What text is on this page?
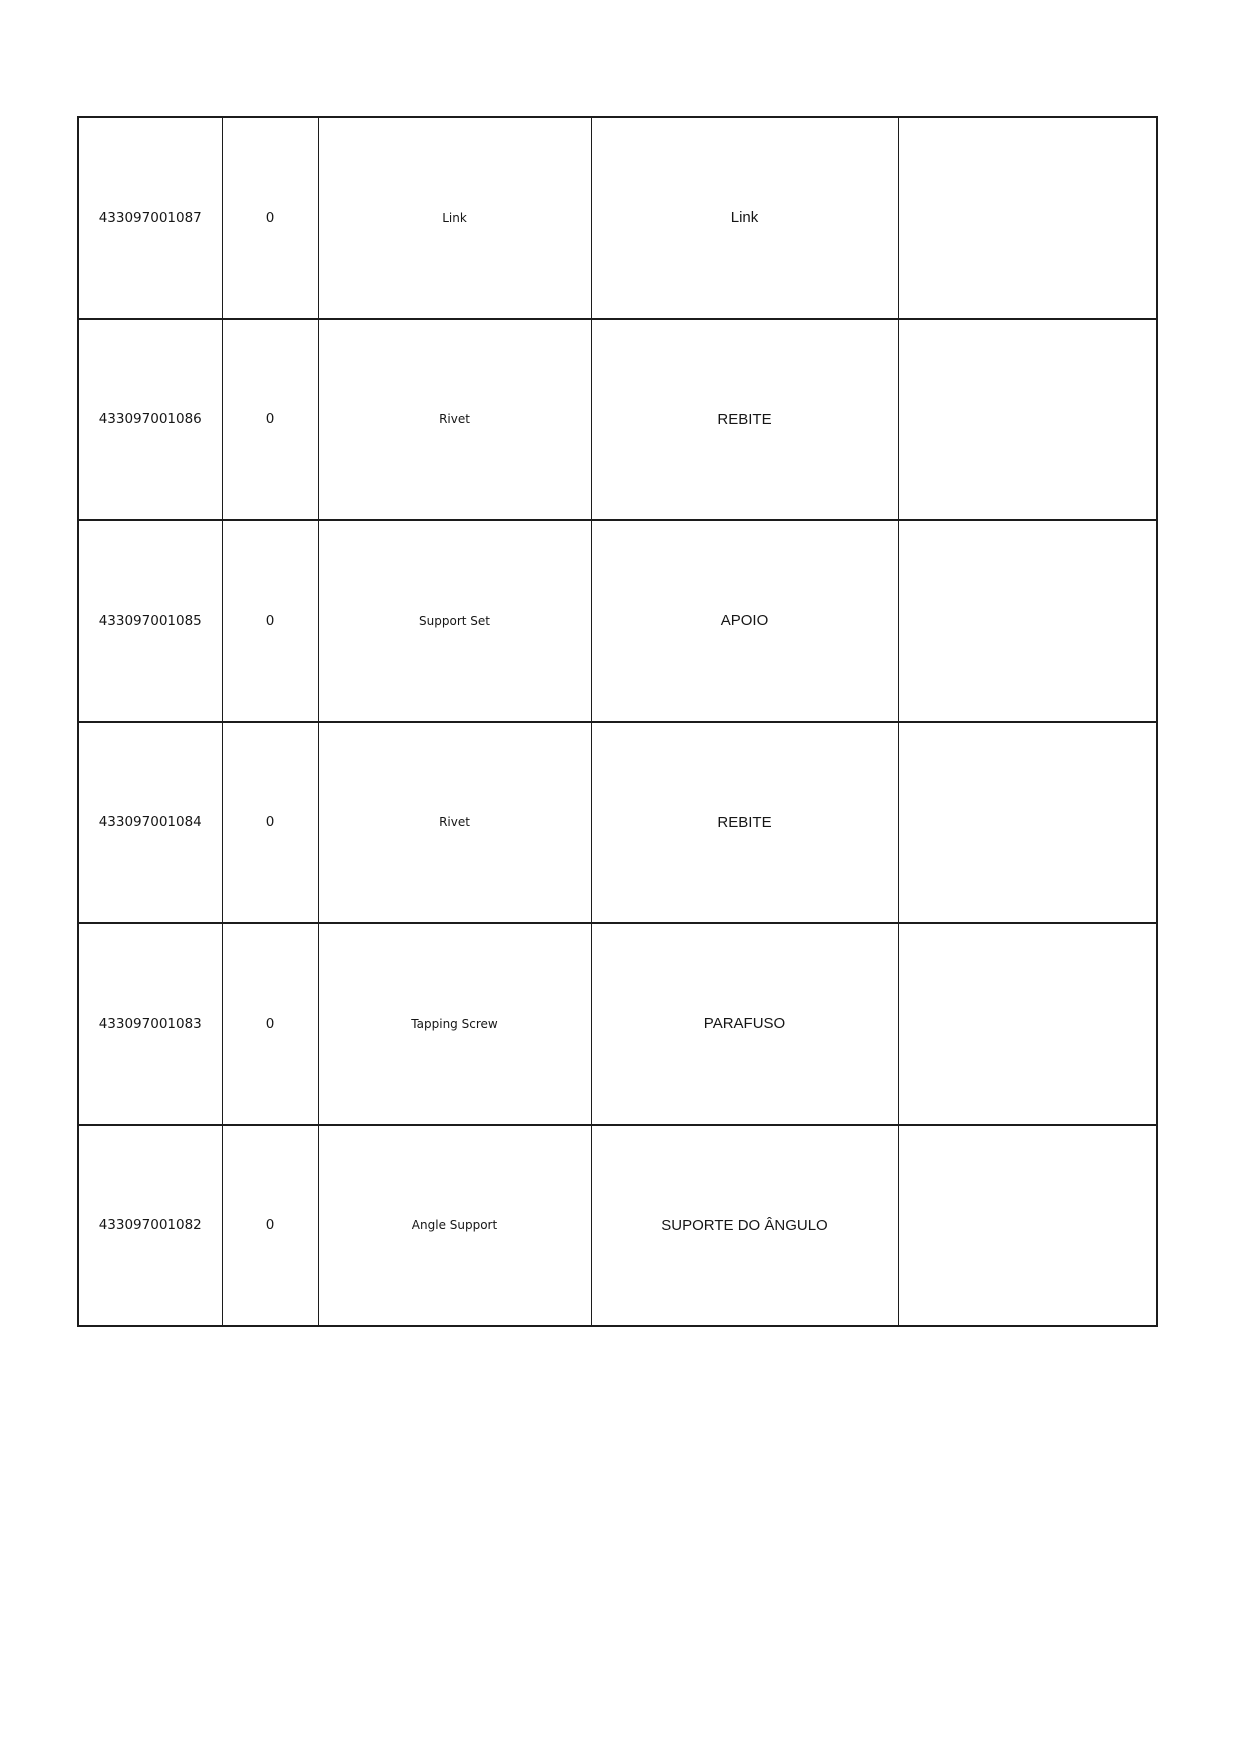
433097001087	0	Link	Link	
433097001086	0	Rivet	REBITE	
433097001085	0	Support Set	APOIO	
433097001084	0	Rivet	REBITE	
433097001083	0	Tapping Screw	PARAFUSO	
433097001082	0	Angle Support	SUPORTE DO ÂNGULO	
